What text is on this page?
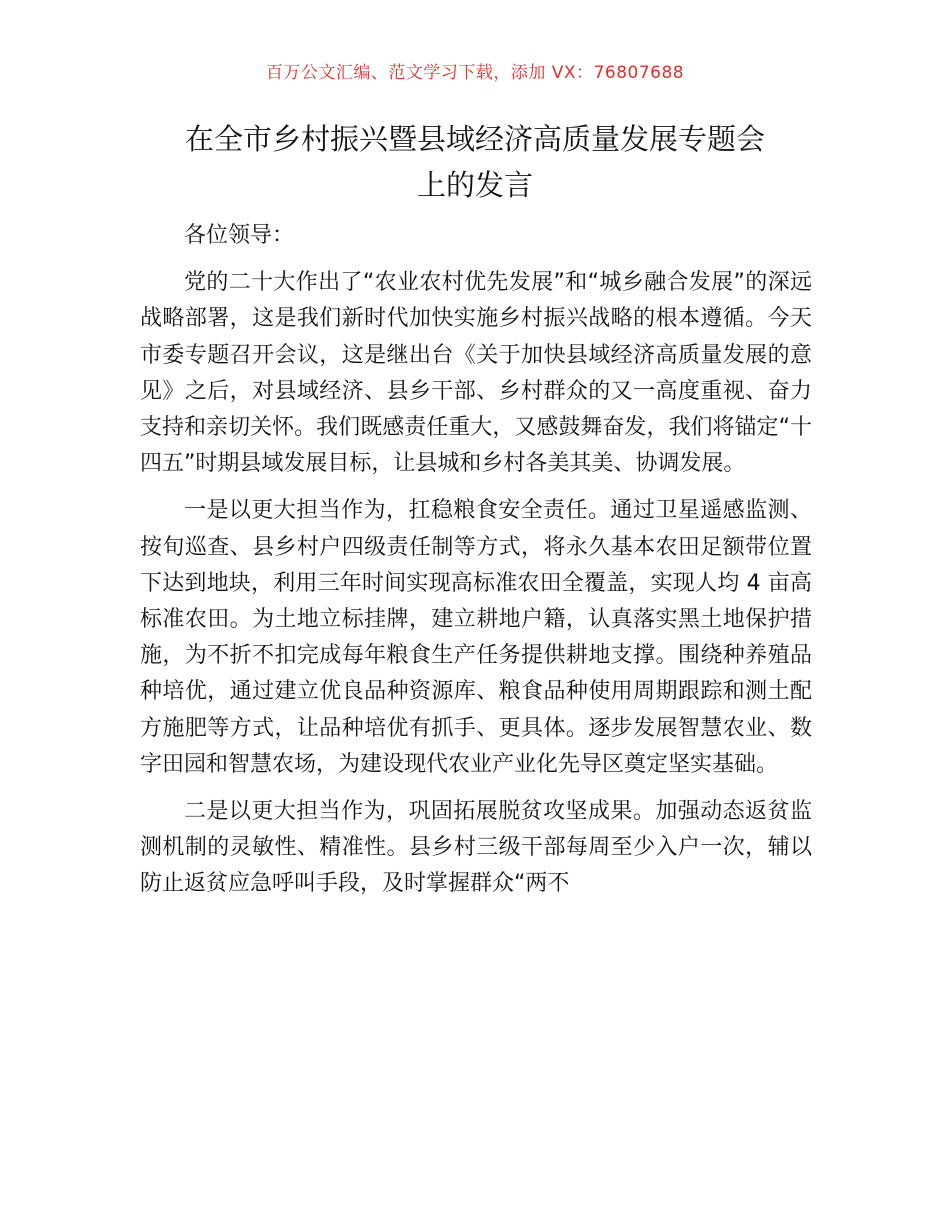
百万公文汇编、范文学习下载，添加 VX：76807688
在全市乡村振兴暨县域经济高质量发展专题会
上的发言

各位领导：

党的二十大作出了“农业农村优先发展”和“城乡融合发展”的深远战略部署，这是我们新时代加快实施乡村振兴战略的根本遵循。今天市委专题召开会议，这是继出台《关于加快县域经济高质量发展的意见》之后，对县域经济、县乡干部、乡村群众的又一高度重视、奋力支持和亲切关怀。我们既感责任重大，又感鼓舞奋发，我们将锚定“十四五”时期县域发展目标，让县城和乡村各美其美、协调发展。

一是以更大担当作为，扛稳粮食安全责任。通过卫星遥感监测、按旬巡查、县乡村户四级责任制等方式，将永久基本农田足额带位置下达到地块，利用三年时间实现高标准农田全覆盖，实现人均 4 亩高标准农田。为土地立标挂牌，建立耕地户籍，认真落实黑土地保护措施，为不折不扣完成每年粮食生产任务提供耕地支撑。围绕种养殖品种培优，通过建立优良品种资源库、粮食品种使用周期跟踪和测土配方施肥等方式，让品种培优有抓手、更具体。逐步发展智慧农业、数字田园和智慧农场，为建设现代农业产业化先导区奠定坚实基础。

二是以更大担当作为，巩固拓展脱贫攻坚成果。加强动态返贫监测机制的灵敏性、精准性。县乡村三级干部每周至少入户一次，辅以防止返贫应急呼叫手段，及时掌握群众“两不
